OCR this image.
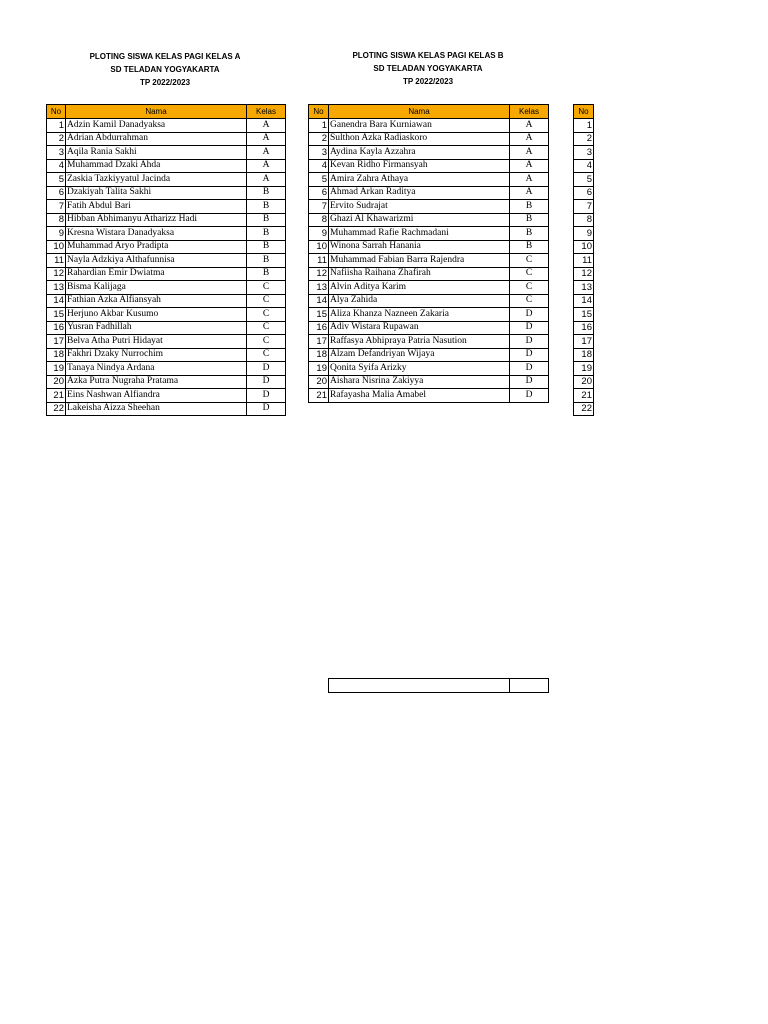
PLOTING SISWA KELAS PAGI KELAS A
SD TELADAN YOGYAKARTA
TP 2022/2023
No	Nama	Kelas
1	Adzin Kamil Danadyaksa	A
2	Adrian Abdurrahman	A
3	Aqila Rania Sakhi	A
4	Muhammad Dzaki Ahda	A
5	Zaskia Tazkiyyatul Jacinda	A
6	Dzakiyah Talita Sakhi	B
7	Fatih Abdul Bari	B
8	Hibban Abhimanyu Atharizz Hadi	B
9	Kresna Wistara Danadyaksa	B
10	Muhammad Aryo Pradipta	B
11	Nayla Adzkiya Althafunnisa	B
12	Rahardian Emir Dwiatma	B
13	Bisma Kalijaga	C
14	Fathian Azka Alfiansyah	C
15	Herjuno Akbar Kusumo	C
16	Yusran Fadhillah	C
17	Belva Atha Putri Hidayat	C
18	Fakhri Dzaky Nurrochim	C
19	Tanaya Nindya Ardana	D
20	Azka Putra Nugraha Pratama	D
21	Eins Nashwan Alfiandra	D
22	Lakeisha Aizza Sheehan	D
PLOTING SISWA KELAS PAGI KELAS B
SD TELADAN YOGYAKARTA
TP 2022/2023
No	Nama	Kelas
1	Ganendra Bara Kurniawan	A
2	Sulthon Azka Radiaskoro	A
3	Aydina Kayla Azzahra	A
4	Kevan Ridho Firmansyah	A
5	Amira Zahra Athaya	A
6	Ahmad Arkan Raditya	A
7	Ervito Sudrajat	B
8	Ghazi Al Khawarizmi	B
9	Muhammad Rafie Rachmadani	B
10	Winona Sarrah Hanania	B
11	Muhammad Fabian Barra Rajendra	C
12	Nafiisha Raihana Zhafirah	C
13	Alvin Aditya Karim	C
14	Alya Zahida	C
15	Aliza Khanza Nazneen Zakaria	D
16	Adiv Wistara Rupawan	D
17	Raffasya Abhipraya Patria Nasution	D
18	Alzam Defandriyan Wijaya	D
19	Qonita Syifa Arizky	D
20	Aishara Nisrina Zakiyya	D
21	Rafayasha Malia Amabel	D
No
1
2
3
4
5
6
7
8
9
10
11
12
13
14
15
16
17
18
19
20
21
22
